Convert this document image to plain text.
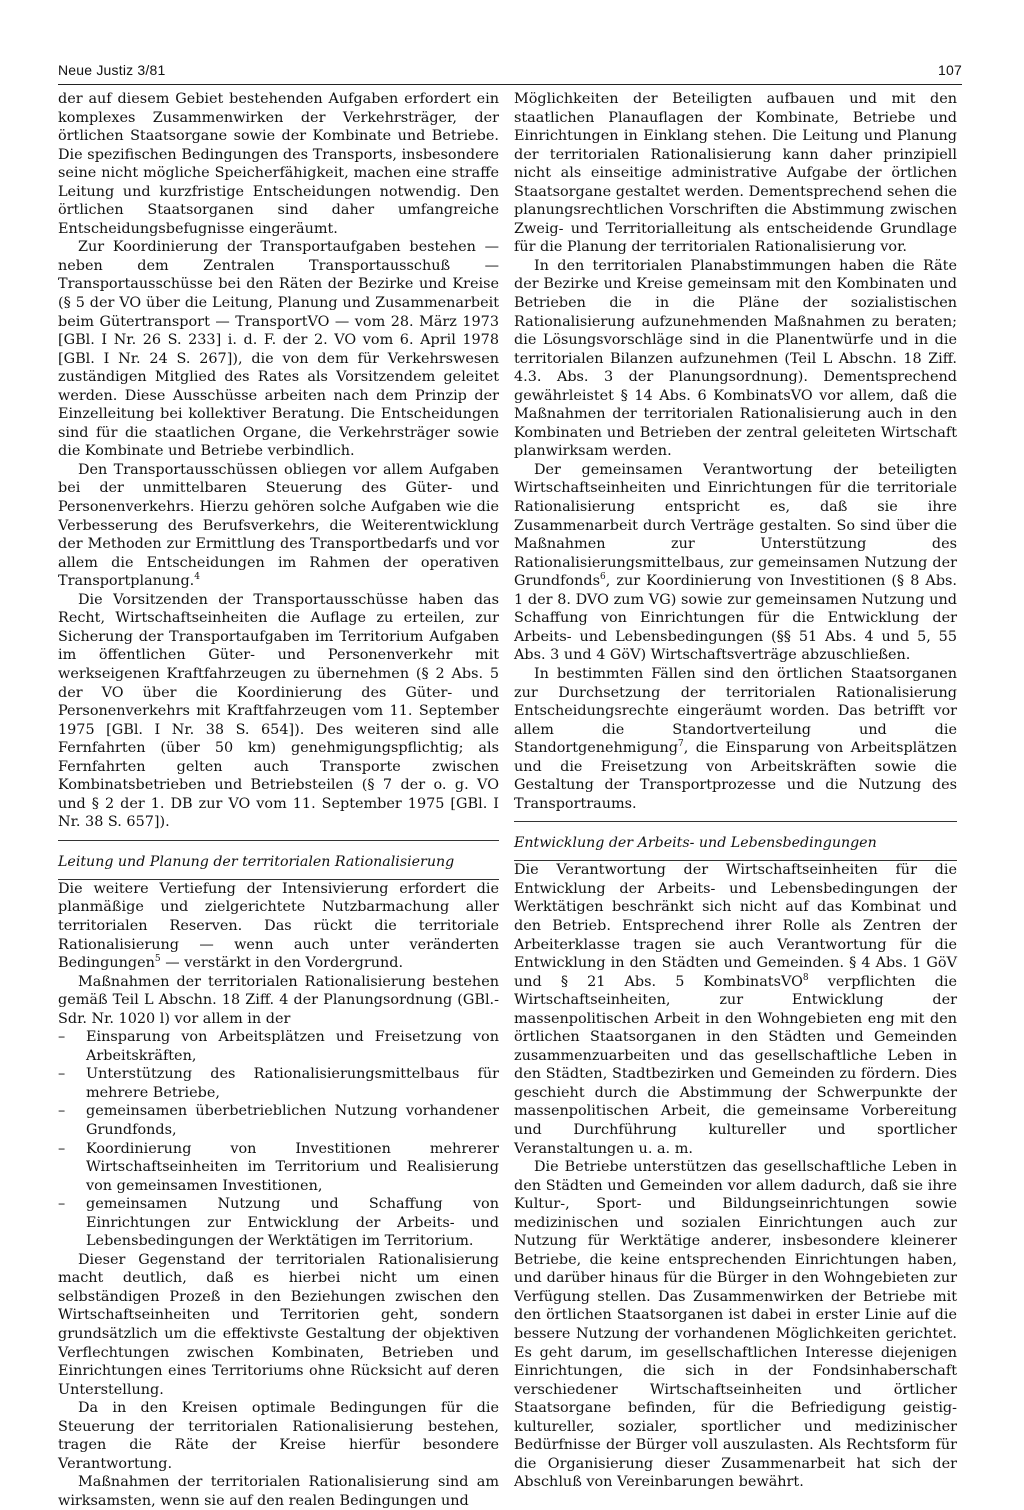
Neue Justiz 3/81	107

der auf diesem Gebiet bestehenden Aufgaben erfordert ein komplexes Zusammenwirken der Verkehrsträger, der örtlichen Staatsorgane sowie der Kombinate und Betriebe. Die spezifischen Bedingungen des Transports, insbesondere seine nicht mögliche Speicherfähigkeit, machen eine straffe Leitung und kurzfristige Entscheidungen notwendig. Den örtlichen Staatsorganen sind daher umfangreiche Entscheidungsbefugnisse eingeräumt.

Zur Koordinierung der Transportaufgaben bestehen — neben dem Zentralen Transportausschuß — Transportausschüsse bei den Räten der Bezirke und Kreise (§ 5 der VO über die Leitung, Planung und Zusammenarbeit beim Gütertransport — TransportVO — vom 28. März 1973 [GBl. I Nr. 26 S. 233] i. d. F. der 2. VO vom 6. April 1978 [GBl. I Nr. 24 S. 267]), die von dem für Verkehrswesen zuständigen Mitglied des Rates als Vorsitzendem geleitet werden. Diese Ausschüsse arbeiten nach dem Prinzip der Einzelleitung bei kollektiver Beratung. Die Entscheidungen sind für die staatlichen Organe, die Verkehrsträger sowie die Kombinate und Betriebe verbindlich.

Den Transportausschüssen obliegen vor allem Aufgaben bei der unmittelbaren Steuerung des Güter- und Personenverkehrs. Hierzu gehören solche Aufgaben wie die Verbesserung des Berufsverkehrs, die Weiterentwicklung der Methoden zur Ermittlung des Transportbedarfs und vor allem die Entscheidungen im Rahmen der operativen Transportplanung.$^4$

Die Vorsitzenden der Transportausschüsse haben das Recht, Wirtschaftseinheiten die Auflage zu erteilen, zur Sicherung der Transportaufgaben im Territorium Aufgaben im öffentlichen Güter- und Personenverkehr mit werkseigenen Kraftfahrzeugen zu übernehmen (§ 2 Abs. 5 der VO über die Koordinierung des Güter- und Personenverkehrs mit Kraftfahrzeugen vom 11. September 1975 [GBl. I Nr. 38 S. 654]). Des weiteren sind alle Fernfahrten (über 50 km) genehmigungspflichtig; als Fernfahrten gelten auch Transporte zwischen Kombinatsbetrieben und Betriebsteilen (§ 7 der o. g. VO und § 2 der 1. DB zur VO vom 11. September 1975 [GBl. I Nr. 38 S. 657]).

Leitung und Planung der territorialen Rationalisierung

Die weitere Vertiefung der Intensivierung erfordert die planmäßige und zielgerichtete Nutzbarmachung aller territorialen Reserven. Das rückt die territoriale Rationalisierung — wenn auch unter veränderten Bedingungen$^5$ — verstärkt in den Vordergrund.

Maßnahmen der territorialen Rationalisierung bestehen gemäß Teil L Abschn. 18 Ziff. 4 der Planungsordnung (GBl.-Sdr. Nr. 1020 l) vor allem in der

– Einsparung von Arbeitsplätzen und Freisetzung von Arbeitskräften,
– Unterstützung des Rationalisierungsmittelbaus für mehrere Betriebe,
– gemeinsamen überbetrieblichen Nutzung vorhandener Grundfonds,
– Koordinierung von Investitionen mehrerer Wirtschaftseinheiten im Territorium und Realisierung von gemeinsamen Investitionen,
– gemeinsamen Nutzung und Schaffung von Einrichtungen zur Entwicklung der Arbeits- und Lebensbedingungen der Werktätigen im Territorium.

Dieser Gegenstand der territorialen Rationalisierung macht deutlich, daß es hierbei nicht um einen selbständigen Prozeß in den Beziehungen zwischen den Wirtschaftseinheiten und Territorien geht, sondern grundsätzlich um die effektivste Gestaltung der objektiven Verflechtungen zwischen Kombinaten, Betrieben und Einrichtungen eines Territoriums ohne Rücksicht auf deren Unterstellung.

Da in den Kreisen optimale Bedingungen für die Steuerung der territorialen Rationalisierung bestehen, tragen die Räte der Kreise hierfür besondere Verantwortung.

Maßnahmen der territorialen Rationalisierung sind am wirksamsten, wenn sie auf den realen Bedingungen und

Möglichkeiten der Beteiligten aufbauen und mit den staatlichen Planauflagen der Kombinate, Betriebe und Einrichtungen in Einklang stehen. Die Leitung und Planung der territorialen Rationalisierung kann daher prinzipiell nicht als einseitige administrative Aufgabe der örtlichen Staatsorgane gestaltet werden. Dementsprechend sehen die planungsrechtlichen Vorschriften die Abstimmung zwischen Zweig- und Territorialleitung als entscheidende Grundlage für die Planung der territorialen Rationalisierung vor.

In den territorialen Planabstimmungen haben die Räte der Bezirke und Kreise gemeinsam mit den Kombinaten und Betrieben die in die Pläne der sozialistischen Rationalisierung aufzunehmenden Maßnahmen zu beraten; die Lösungsvorschläge sind in die Planentwürfe und in die territorialen Bilanzen aufzunehmen (Teil L Abschn. 18 Ziff. 4.3. Abs. 3 der Planungsordnung). Dementsprechend gewährleistet § 14 Abs. 6 KombinatsVO vor allem, daß die Maßnahmen der territorialen Rationalisierung auch in den Kombinaten und Betrieben der zentral geleiteten Wirtschaft planwirksam werden.

Der gemeinsamen Verantwortung der beteiligten Wirtschaftseinheiten und Einrichtungen für die territoriale Rationalisierung entspricht es, daß sie ihre Zusammenarbeit durch Verträge gestalten. So sind über die Maßnahmen zur Unterstützung des Rationalisierungsmittelbaus, zur gemeinsamen Nutzung der Grundfonds$^6$, zur Koordinierung von Investitionen (§ 8 Abs. 1 der 8. DVO zum VG) sowie zur gemeinsamen Nutzung und Schaffung von Einrichtungen für die Entwicklung der Arbeits- und Lebensbedingungen (§§ 51 Abs. 4 und 5, 55 Abs. 3 und 4 GöV) Wirtschaftsverträge abzuschließen.

In bestimmten Fällen sind den örtlichen Staatsorganen zur Durchsetzung der territorialen Rationalisierung Entscheidungsrechte eingeräumt worden. Das betrifft vor allem die Standortverteilung und die Standortgenehmigung$^7$, die Einsparung von Arbeitsplätzen und die Freisetzung von Arbeitskräften sowie die Gestaltung der Transportprozesse und die Nutzung des Transportraums.

Entwicklung der Arbeits- und Lebensbedingungen

Die Verantwortung der Wirtschaftseinheiten für die Entwicklung der Arbeits- und Lebensbedingungen der Werktätigen beschränkt sich nicht auf das Kombinat und den Betrieb. Entsprechend ihrer Rolle als Zentren der Arbeiterklasse tragen sie auch Verantwortung für die Entwicklung in den Städten und Gemeinden. § 4 Abs. 1 GöV und § 21 Abs. 5 KombinatsVO$^8$ verpflichten die Wirtschaftseinheiten, zur Entwicklung der massenpolitischen Arbeit in den Wohngebieten eng mit den örtlichen Staatsorganen in den Städten und Gemeinden zusammenzuarbeiten und das gesellschaftliche Leben in den Städten, Stadtbezirken und Gemeinden zu fördern. Dies geschieht durch die Abstimmung der Schwerpunkte der massenpolitischen Arbeit, die gemeinsame Vorbereitung und Durchführung kultureller und sportlicher Veranstaltungen u. a. m.

Die Betriebe unterstützen das gesellschaftliche Leben in den Städten und Gemeinden vor allem dadurch, daß sie ihre Kultur-, Sport- und Bildungseinrichtungen sowie medizinischen und sozialen Einrichtungen auch zur Nutzung für Werktätige anderer, insbesondere kleinerer Betriebe, die keine entsprechenden Einrichtungen haben, und darüber hinaus für die Bürger in den Wohngebieten zur Verfügung stellen. Das Zusammenwirken der Betriebe mit den örtlichen Staatsorganen ist dabei in erster Linie auf die bessere Nutzung der vorhandenen Möglichkeiten gerichtet. Es geht darum, im gesellschaftlichen Interesse diejenigen Einrichtungen, die sich in der Fondsinhaberschaft verschiedener Wirtschaftseinheiten und örtlicher Staatsorgane befinden, für die Befriedigung geistig-kultureller, sozialer, sportlicher und medizinischer Bedürfnisse der Bürger voll auszulasten. Als Rechtsform für die Organisierung dieser Zusammenarbeit hat sich der Abschluß von Vereinbarungen bewährt.
